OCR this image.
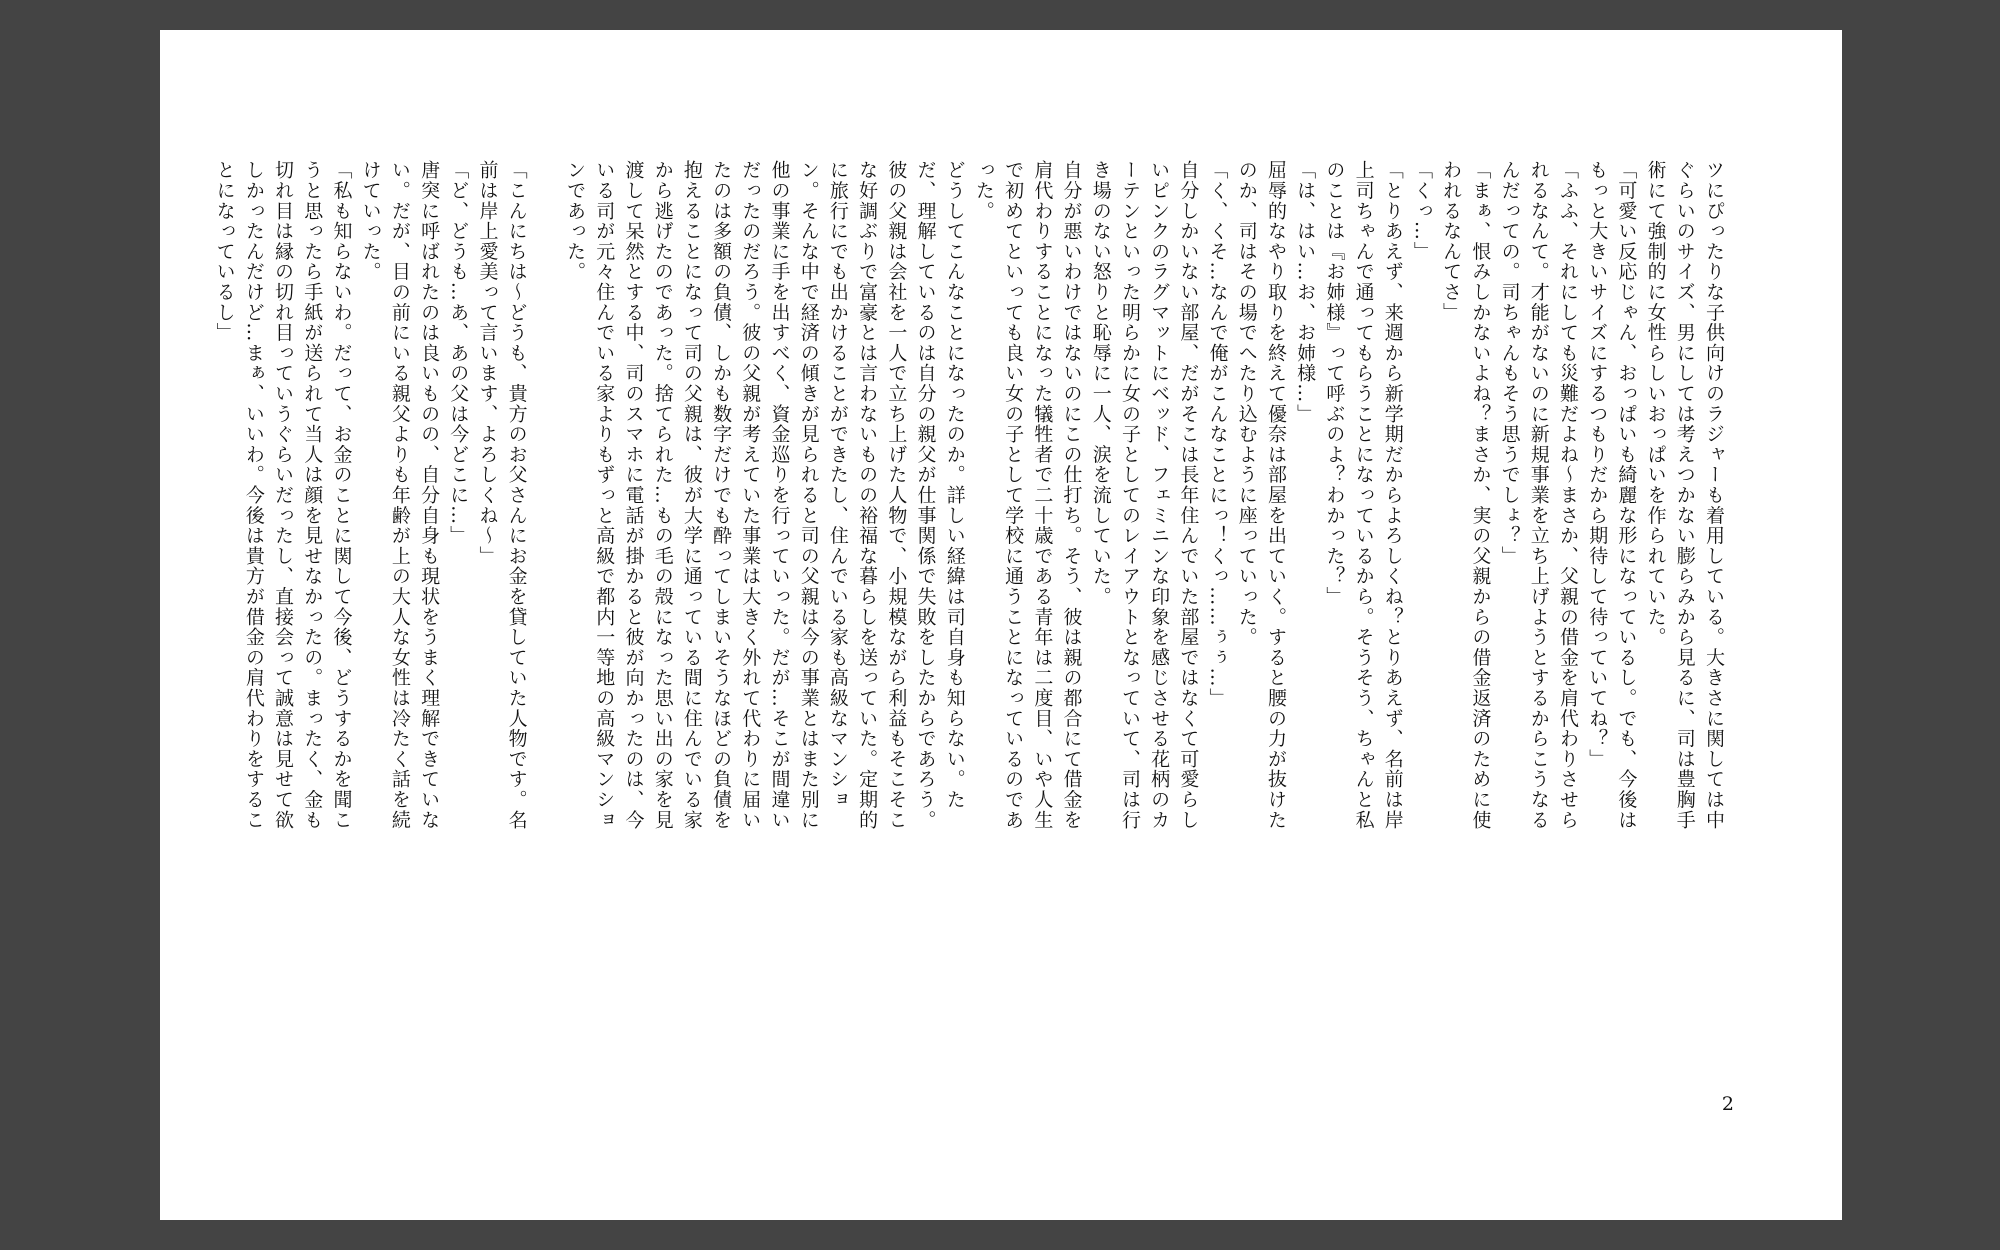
ツにぴったりな子供向けのラジャーも着用している。大きさに関しては中ぐらいのサイズ、男にしては考えつかない膨らみから見るに、司は豊胸手術にて強制的に女性らしいおっぱいを作られていた。

「可愛い反応じゃん、おっぱいも綺麗な形になっているし。でも、今後はもっと大きいサイズにするつもりだから期待して待っていてね？」

「ふふ、それにしても災難だよね～まさか、父親の借金を肩代わりさせられるなんて。才能がないのに新規事業を立ち上げようとするからこうなるんだっての。司ちゃんもそう思うでしょ？」

「まぁ、恨みしかないよね？まさか、実の父親からの借金返済のために使われるなんてさ」

「くっ…」

「とりあえず、来週から新学期だからよろしくね？とりあえず、名前は岸上司ちゃんで通ってもらうことになっているから。そうそう、ちゃんと私のことは『お姉様』って呼ぶのよ？わかった？」

「は、はい…お、お姉様…」

屈辱的なやり取りを終えて優奈は部屋を出ていく。すると腰の力が抜けたのか、司はその場でへたり込むように座っていった。

「く、くそ…なんで俺がこんなことにっ！くっ……ぅぅ…」

自分しかいない部屋、だがそこは長年住んでいた部屋ではなくて可愛らしいピンクのラグマットにベッド、フェミニンな印象を感じさせる花柄のカーテンといった明らかに女の子としてのレイアウトとなっていて、司は行き場のない怒りと恥辱に一人、涙を流していた。

自分が悪いわけではないのにこの仕打ち。そう、彼は親の都合にて借金を肩代わりすることになった犠牲者で二十歳である青年は二度目、いや人生で初めてといっても良い女の子として学校に通うことになっているのであった。

どうしてこんなことになったのか。詳しい経緯は司自身も知らない。ただ、理解しているのは自分の親父が仕事関係で失敗をしたからであろう。彼の父親は会社を一人で立ち上げた人物で、小規模ながら利益もそこそこな好調ぶりで富豪とは言わないものの裕福な暮らしを送っていた。定期的に旅行にでも出かけることができたし、住んでいる家も高級なマンション。そんな中で経済の傾きが見られると司の父親は今の事業とはまた別に他の事業に手を出すべく、資金巡りを行っていった。だが…そこが間違いだったのだろう。彼の父親が考えていた事業は大きく外れて代わりに届いたのは多額の負債、しかも数字だけでも酔ってしまいそうなほどの負債を抱えることになって司の父親は、彼が大学に通っている間に住んでいる家から逃げたのであった。捨てられた…もの毛の殻になった思い出の家を見渡して呆然とする中、司のスマホに電話が掛かると彼が向かったのは、今いる司が元々住んでいる家よりもずっと高級で都内一等地の高級マンションであった。

「こんにちは～どうも、貴方のお父さんにお金を貸していた人物です。名前は岸上愛美って言います、よろしくね～」

「ど、どうも…あ、あの父は今どこに…」

唐突に呼ばれたのは良いものの、自分自身も現状をうまく理解できていない。だが、目の前にいる親父よりも年齢が上の大人な女性は冷たく話を続けていった。

「私も知らないわ。だって、お金のことに関して今後、どうするかを聞こうと思ったら手紙が送られて当人は顔を見せなかったの。まったく、金も切れ目は縁の切れ目っていうぐらいだったし、直接会って誠意は見せて欲しかったんだけど…まぁ、いいわ。今後は貴方が借金の肩代わりをすることになっているし」

2
